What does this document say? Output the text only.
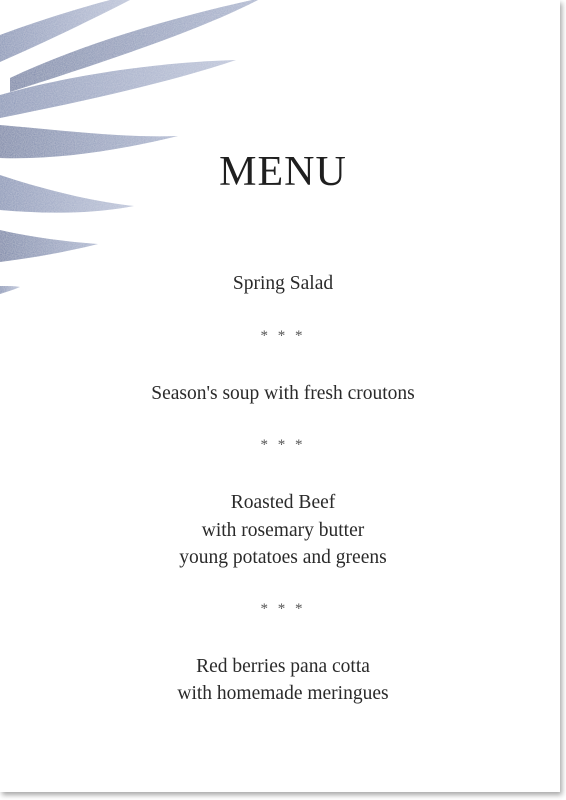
MENU
Spring Salad
* * *
Season's soup with fresh croutons
* * *
Roasted Beef
with rosemary butter
young potatoes and greens
* * *
Red berries pana cotta
with homemade meringues
